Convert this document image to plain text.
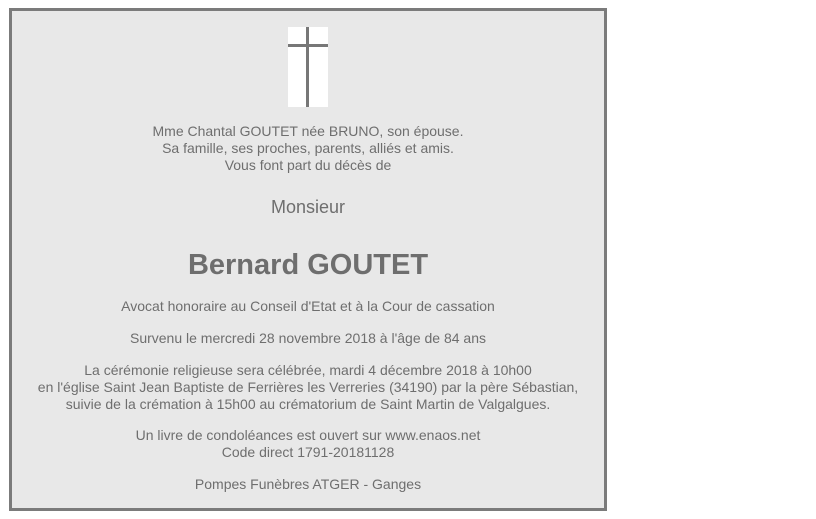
Mme Chantal GOUTET née BRUNO, son épouse.
Sa famille, ses proches, parents, alliés et amis.
Vous font part du décès de
Monsieur
Bernard GOUTET
Avocat honoraire au Conseil d'Etat et à la Cour de cassation
Survenu le mercredi 28 novembre 2018 à l'âge de 84 ans
La cérémonie religieuse sera célébrée, mardi 4 décembre 2018 à 10h00
en l'église Saint Jean Baptiste de Ferrières les Verreries (34190) par la père Sébastian,
suivie de la crémation à 15h00 au crématorium de Saint Martin de Valgalgues.
Un livre de condoléances est ouvert sur www.enaos.net
Code direct 1791-20181128
Pompes Funèbres ATGER - Ganges
